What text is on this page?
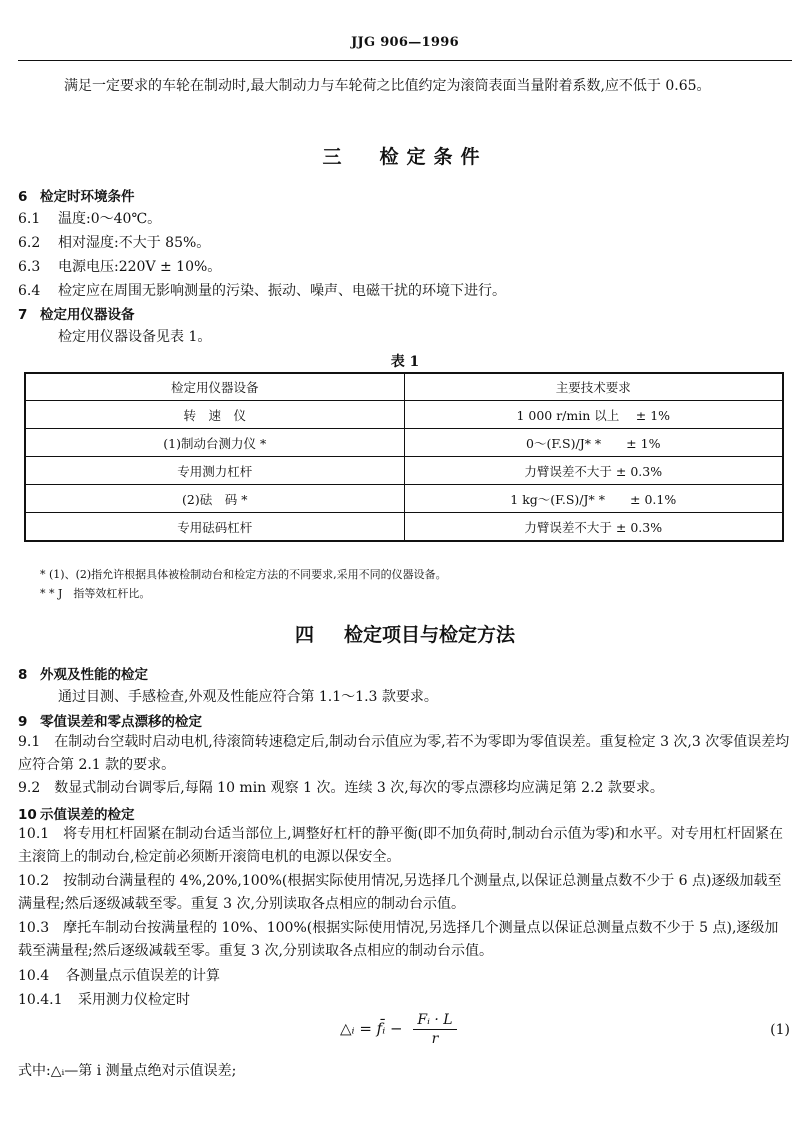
JJG 906—1996
满足一定要求的车轮在制动时,最大制动力与车轮荷之比值约定为滚筒表面当量附着系数,应不低于 0.65。
三 检定条件
6 检定时环境条件
6.1 温度:0～40℃。
6.2 相对湿度:不大于 85%。
6.3 电源电压:220V ± 10%。
6.4 检定应在周围无影响测量的污染、振动、噪声、电磁干扰的环境下进行。
7 检定用仪器设备
检定用仪器设备见表 1。
表 1
检定用仪器设备	主要技术要求
转　速　仪	1 000 r/min 以上　 ± 1%
(1)制动台测力仪 *	0～(F.S)/J* *　　± 1%
专用测力杠杆	力臂误差不大于 ± 0.3%
(2)砝　码 *	1 kg～(F.S)/J* *　　± 0.1%
专用砝码杠杆	力臂误差不大于 ± 0.3%
* (1)、(2)指允许根据具体被检制动台和检定方法的不同要求,采用不同的仪器设备。
* * J　指等效杠杆比。
四 检定项目与检定方法
8 外观及性能的检定
通过目测、手感检查,外观及性能应符合第 1.1～1.3 款要求。
9 零值误差和零点漂移的检定
9.1　在制动台空载时启动电机,待滚筒转速稳定后,制动台示值应为零,若不为零即为零值误差。重复检定 3 次,3 次零值误差均应符合第 2.1 款的要求。
9.2　数显式制动台调零后,每隔 10 min 观察 1 次。连续 3 次,每次的零点漂移均应满足第 2.2 款要求。
10 示值误差的检定
10.1　将专用杠杆固紧在制动台适当部位上,调整好杠杆的静平衡(即不加负荷时,制动台示值为零)和水平。对专用杠杆固紧在主滚筒上的制动台,检定前必须断开滚筒电机的电源以保安全。
10.2　按制动台满量程的 4%,20%,100%(根据实际使用情况,另选择几个测量点,以保证总测量点数不少于 6 点)逐级加载至满量程;然后逐级减载至零。重复 3 次,分别读取各点相应的制动台示值。
10.3　摩托车制动台按满量程的 10%、100%(根据实际使用情况,另选择几个测量点以保证总测量点数不少于 5 点),逐级加载至满量程;然后逐级减载至零。重复 3 次,分别读取各点相应的制动台示值。
10.4 各测量点示值误差的计算
10.4.1 采用测力仪检定时
△ᵢ = f̄ᵢ − $\frac{\text{Fᵢ · L}}{r}$	(1)
式中:△ᵢ—第 i 测量点绝对示值误差;
